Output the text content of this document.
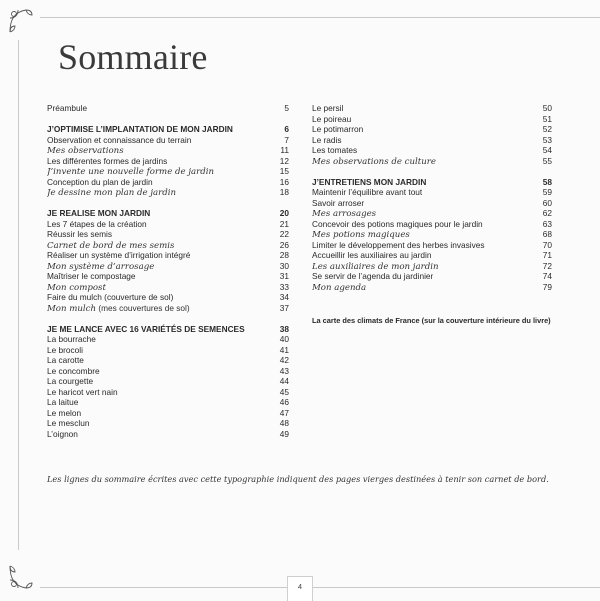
Sommaire
Préambule	5
J’OPTIMISE L’IMPLANTATION DE MON JARDIN	6
Observation et connaissance du terrain	7
Mes observations	11
Les différentes formes de jardins	12
J’invente une nouvelle forme de jardin	15
Conception du plan de jardin	16
Je dessine mon plan de jardin	18
JE REALISE MON JARDIN	20
Les 7 étapes de la création	21
Réussir les semis	22
Carnet de bord de mes semis	26
Réaliser un système d’irrigation intégré	28
Mon système d’arrosage	30
Maîtriser le compostage	31
Mon compost	33
Faire du mulch (couverture de sol)	34
Mon mulch (mes couvertures de sol)	37
JE ME LANCE AVEC 16 VARIÉTÉS DE SEMENCES	38
La bourrache	40
Le brocoli	41
La carotte	42
Le concombre	43
La courgette	44
Le haricot vert nain	45
La laitue	46
Le melon	47
Le mesclun	48
L’oignon	49
Le persil	50
Le poireau	51
Le potimarron	52
Le radis	53
Les tomates	54
Mes observations de culture	55
J’ENTRETIENS MON JARDIN	58
Maintenir l’équilibre avant tout	59
Savoir arroser	60
Mes arrosages	62
Concevoir des potions magiques pour le jardin	63
Mes potions magiques	68
Limiter le développement des herbes invasives	70
Accueillir les auxiliaires au jardin	71
Les auxiliaires de mon jardin	72
Se servir de l’agenda du jardinier	74
Mon agenda	79
La carte des climats de France (sur la couverture intérieure du livre)
Les lignes du sommaire écrites avec cette typographie indiquent des pages vierges destinées à tenir son carnet de bord.
4
